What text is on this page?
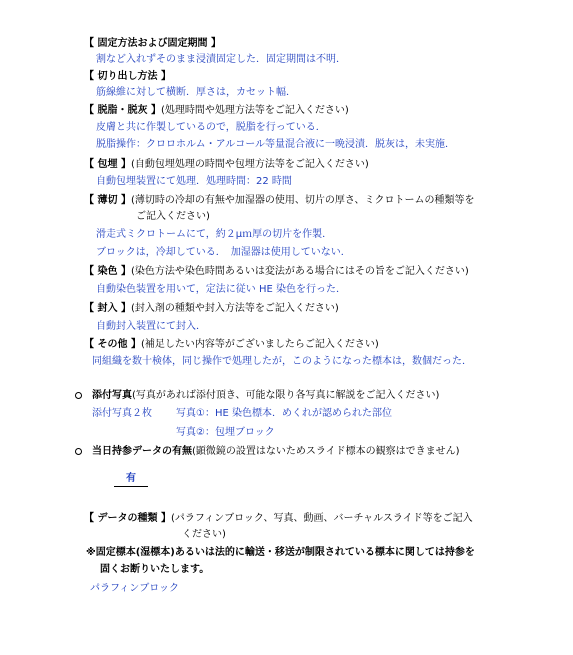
【 固定方法および固定期間 】
割など入れずそのまま浸漬固定した．固定期間は不明．
【 切り出し方法 】
筋線維に対して横断．厚さは，カセット幅．
【 脱脂・脱灰 】(処理時間や処理方法等をご記入ください)
皮膚と共に作製しているので，脱脂を行っている．
脱脂操作：クロロホルム・アルコール等量混合液に一晩浸漬．脱灰は，未実施．
【 包埋 】(自動包埋処理の時間や包埋方法等をご記入ください)
自動包埋装置にて処理．処理時間：22 時間
【 薄切 】(薄切時の冷却の有無や加湿器の使用、切片の厚さ、ミクロトームの種類等を
ご記入ください)
滑走式ミクロトームにて，約２μｍ厚の切片を作製．
ブロックは，冷却している．　加湿器は使用していない．
【 染色 】(染色方法や染色時間あるいは変法がある場合にはその旨をご記入ください)
自動染色装置を用いて，定法に従い HE 染色を行った．
【 封入 】(封入剤の種類や封入方法等をご記入ください)
自動封入装置にて封入．
【 その他 】(補足したい内容等がございましたらご記入ください)
同組織を数十検体，同じ操作で処理したが，このようになった標本は，数個だった．
添付写真(写真があれば添付頂き、可能な限り各写真に解説をご記入ください)
添付写真２枚 写真①：HE 染色標本．めくれが認められた部位
写真②：包埋ブロック
当日持参データの有無(顕微鏡の設置はないためスライド標本の観察はできません)
有
【 データの種類 】(パラフィンブロック、写真、動画、バーチャルスライド等をご記入
ください)
※固定標本(湿標本)あるいは法的に輸送・移送が制限されている標本に関しては持参を
固くお断りいたします。
パラフィンブロック
